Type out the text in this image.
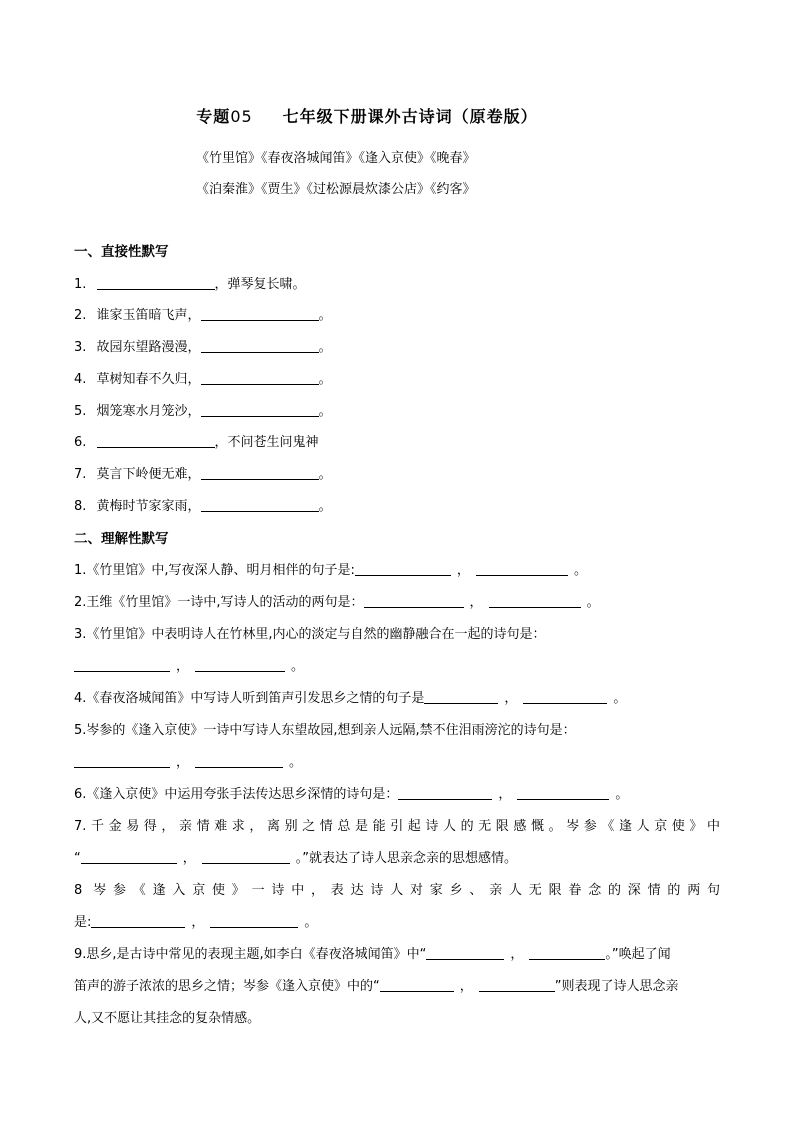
专题05 七年级下册课外古诗词（原卷版）
《竹里馆》《春夜洛城闻笛》《逢入京使》《晚春》
《泊秦淮》《贾生》《过松源晨炊漆公店》《约客》
一、直接性默写
1.	，弹琴复长啸。
2. 谁家玉笛暗飞声，	。
3. 故园东望路漫漫，	。
4. 草树知春不久归，	。
5. 烟笼寒水月笼沙，	。
6.	，不问苍生问鬼神
7. 莫言下岭便无难，	。
8. 黄梅时节家家雨，	。
二、理解性默写
1.《竹里馆》中,写夜深人静、明月相伴的句子是:	，	。
2.王维《竹里馆》一诗中,写诗人的活动的两句是：	，	。
3.《竹里馆》中表明诗人在竹林里,内心的淡定与自然的幽静融合在一起的诗句是：
，	。
4.《春夜洛城闻笛》中写诗人听到笛声引发思乡之情的句子是	，	。
5.岑参的《逢入京使》一诗中写诗人东望故园,想到亲人远隔,禁不住泪雨滂沱的诗句是：
，	。
6.《逢入京使》中运用夸张手法传达思乡深情的诗句是：	，	。
7.千金易得，亲情难求，离别之情总是能引起诗人的无限感慨。岑参《逢人京使》中
“	，	。”就表达了诗人思亲念亲的思想感情。
8 岑参《逢入京使》一诗中，表达诗人对家乡、亲人无限眷念的深情的两句
是:	，	。
9.思乡,是古诗中常见的表现主题,如李白《春夜洛城闻笛》中“	，	。”唤起了闻
笛声的游子浓浓的思乡之情；岑参《逢入京使》中的“	，	”则表现了诗人思念亲
人,又不愿让其挂念的复杂情感。
